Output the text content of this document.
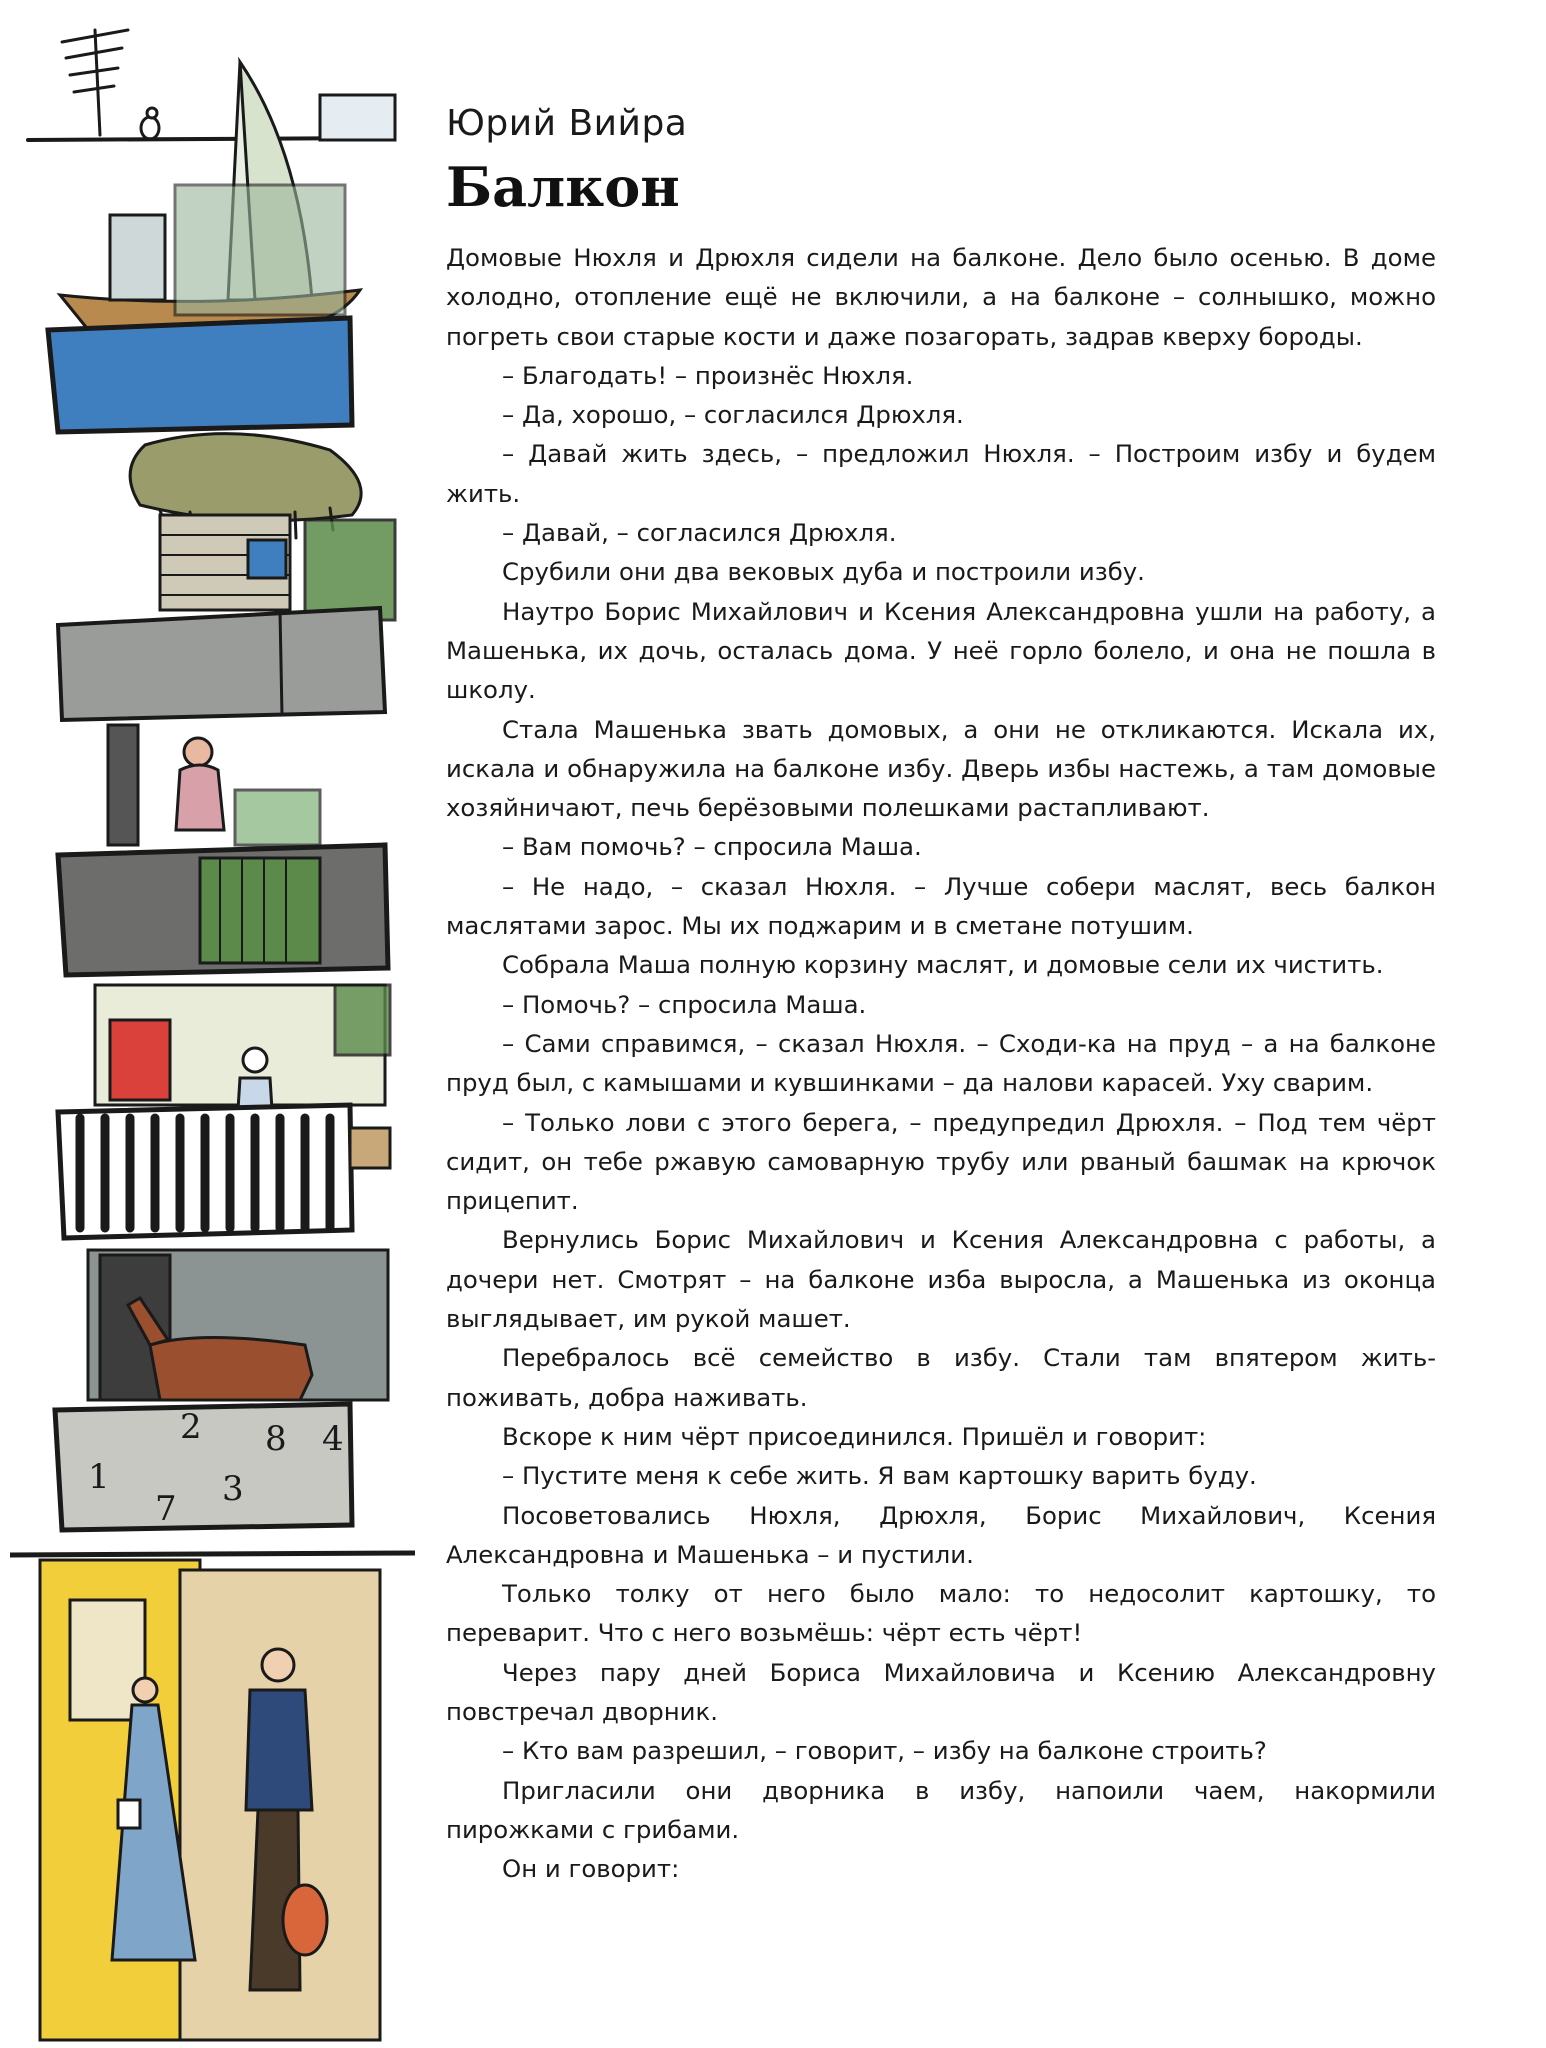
1
2
3
4
7
8

Юрий Вийра

Балкон

Домовые Нюхля и Дрюхля сидели на балконе. Дело было осенью. В доме холодно, отопление ещё не включили, а на балконе – солнышко, можно погреть свои старые кости и даже позагорать, задрав кверху бороды.

– Благодать! – произнёс Нюхля.

– Да, хорошо, – согласился Дрюхля.

– Давай жить здесь, – предложил Нюхля. – Построим избу и будем жить.

– Давай, – согласился Дрюхля.

Срубили они два вековых дуба и построили избу.

Наутро Борис Михайлович и Ксения Александровна ушли на работу, а Машенька, их дочь, осталась дома. У неё горло болело, и она не пошла в школу.

Стала Машенька звать домовых, а они не откликаются. Искала их, искала и обнаружила на балконе избу. Дверь избы настежь, а там домовые хозяйничают, печь берёзовыми полешками растапливают.

– Вам помочь? – спросила Маша.

– Не надо, – сказал Нюхля. – Лучше собери маслят, весь балкон маслятами зарос. Мы их поджарим и в сметане потушим.

Собрала Маша полную корзину маслят, и домовые сели их чистить.

– Помочь? – спросила Маша.

– Сами справимся, – сказал Нюхля. – Сходи-ка на пруд – а на балконе пруд был, с камышами и кувшинками – да налови карасей. Уху сварим.

– Только лови с этого берега, – предупредил Дрюхля. – Под тем чёрт сидит, он тебе ржавую самоварную трубу или рваный башмак на крючок прицепит.

Вернулись Борис Михайлович и Ксения Александровна с работы, а дочери нет. Смотрят – на балконе изба выросла, а Машенька из оконца выглядывает, им рукой машет.

Перебралось всё семейство в избу. Стали там впятером жить-поживать, добра наживать.

Вскоре к ним чёрт присоединился. Пришёл и говорит:

– Пустите меня к себе жить. Я вам картошку варить буду.

Посоветовались Нюхля, Дрюхля, Борис Михайлович, Ксения Александровна и Машенька – и пустили.

Только толку от него было мало: то недосолит картошку, то переварит. Что с него возьмёшь: чёрт есть чёрт!

Через пару дней Бориса Михайловича и Ксению Александровну повстречал дворник.

– Кто вам разрешил, – говорит, – избу на балконе строить?

Пригласили они дворника в избу, напоили чаем, накормили пирожками с грибами.

Он и говорит:
